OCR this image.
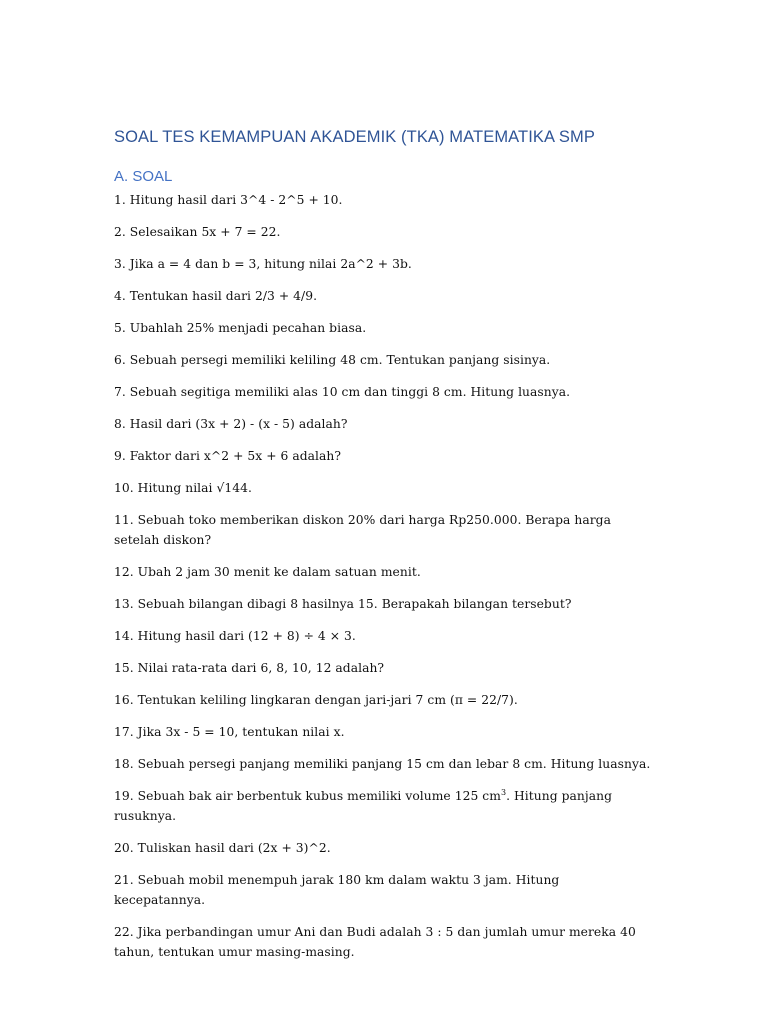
SOAL TES KEMAMPUAN AKADEMIK (TKA) MATEMATIKA SMP
A. SOAL

1. Hitung hasil dari 3^4 - 2^5 + 10.

2. Selesaikan 5x + 7 = 22.

3. Jika a = 4 dan b = 3, hitung nilai 2a^2 + 3b.

4. Tentukan hasil dari 2/3 + 4/9.

5. Ubahlah 25% menjadi pecahan biasa.

6. Sebuah persegi memiliki keliling 48 cm. Tentukan panjang sisinya.

7. Sebuah segitiga memiliki alas 10 cm dan tinggi 8 cm. Hitung luasnya.

8. Hasil dari (3x + 2) - (x - 5) adalah?

9. Faktor dari x^2 + 5x + 6 adalah?

10. Hitung nilai √144.

11. Sebuah toko memberikan diskon 20% dari harga Rp250.000. Berapa harga setelah diskon?

12. Ubah 2 jam 30 menit ke dalam satuan menit.

13. Sebuah bilangan dibagi 8 hasilnya 15. Berapakah bilangan tersebut?

14. Hitung hasil dari (12 + 8) ÷ 4 × 3.

15. Nilai rata-rata dari 6, 8, 10, 12 adalah?

16. Tentukan keliling lingkaran dengan jari-jari 7 cm (π = 22/7).

17. Jika 3x - 5 = 10, tentukan nilai x.

18. Sebuah persegi panjang memiliki panjang 15 cm dan lebar 8 cm. Hitung luasnya.

19. Sebuah bak air berbentuk kubus memiliki volume 125 $cm^3$. Hitung panjang rusuknya.

20. Tuliskan hasil dari (2x + 3)^2.

21. Sebuah mobil menempuh jarak 180 km dalam waktu 3 jam. Hitung kecepatannya.

22. Jika perbandingan umur Ani dan Budi adalah 3 : 5 dan jumlah umur mereka 40 tahun, tentukan umur masing-masing.
